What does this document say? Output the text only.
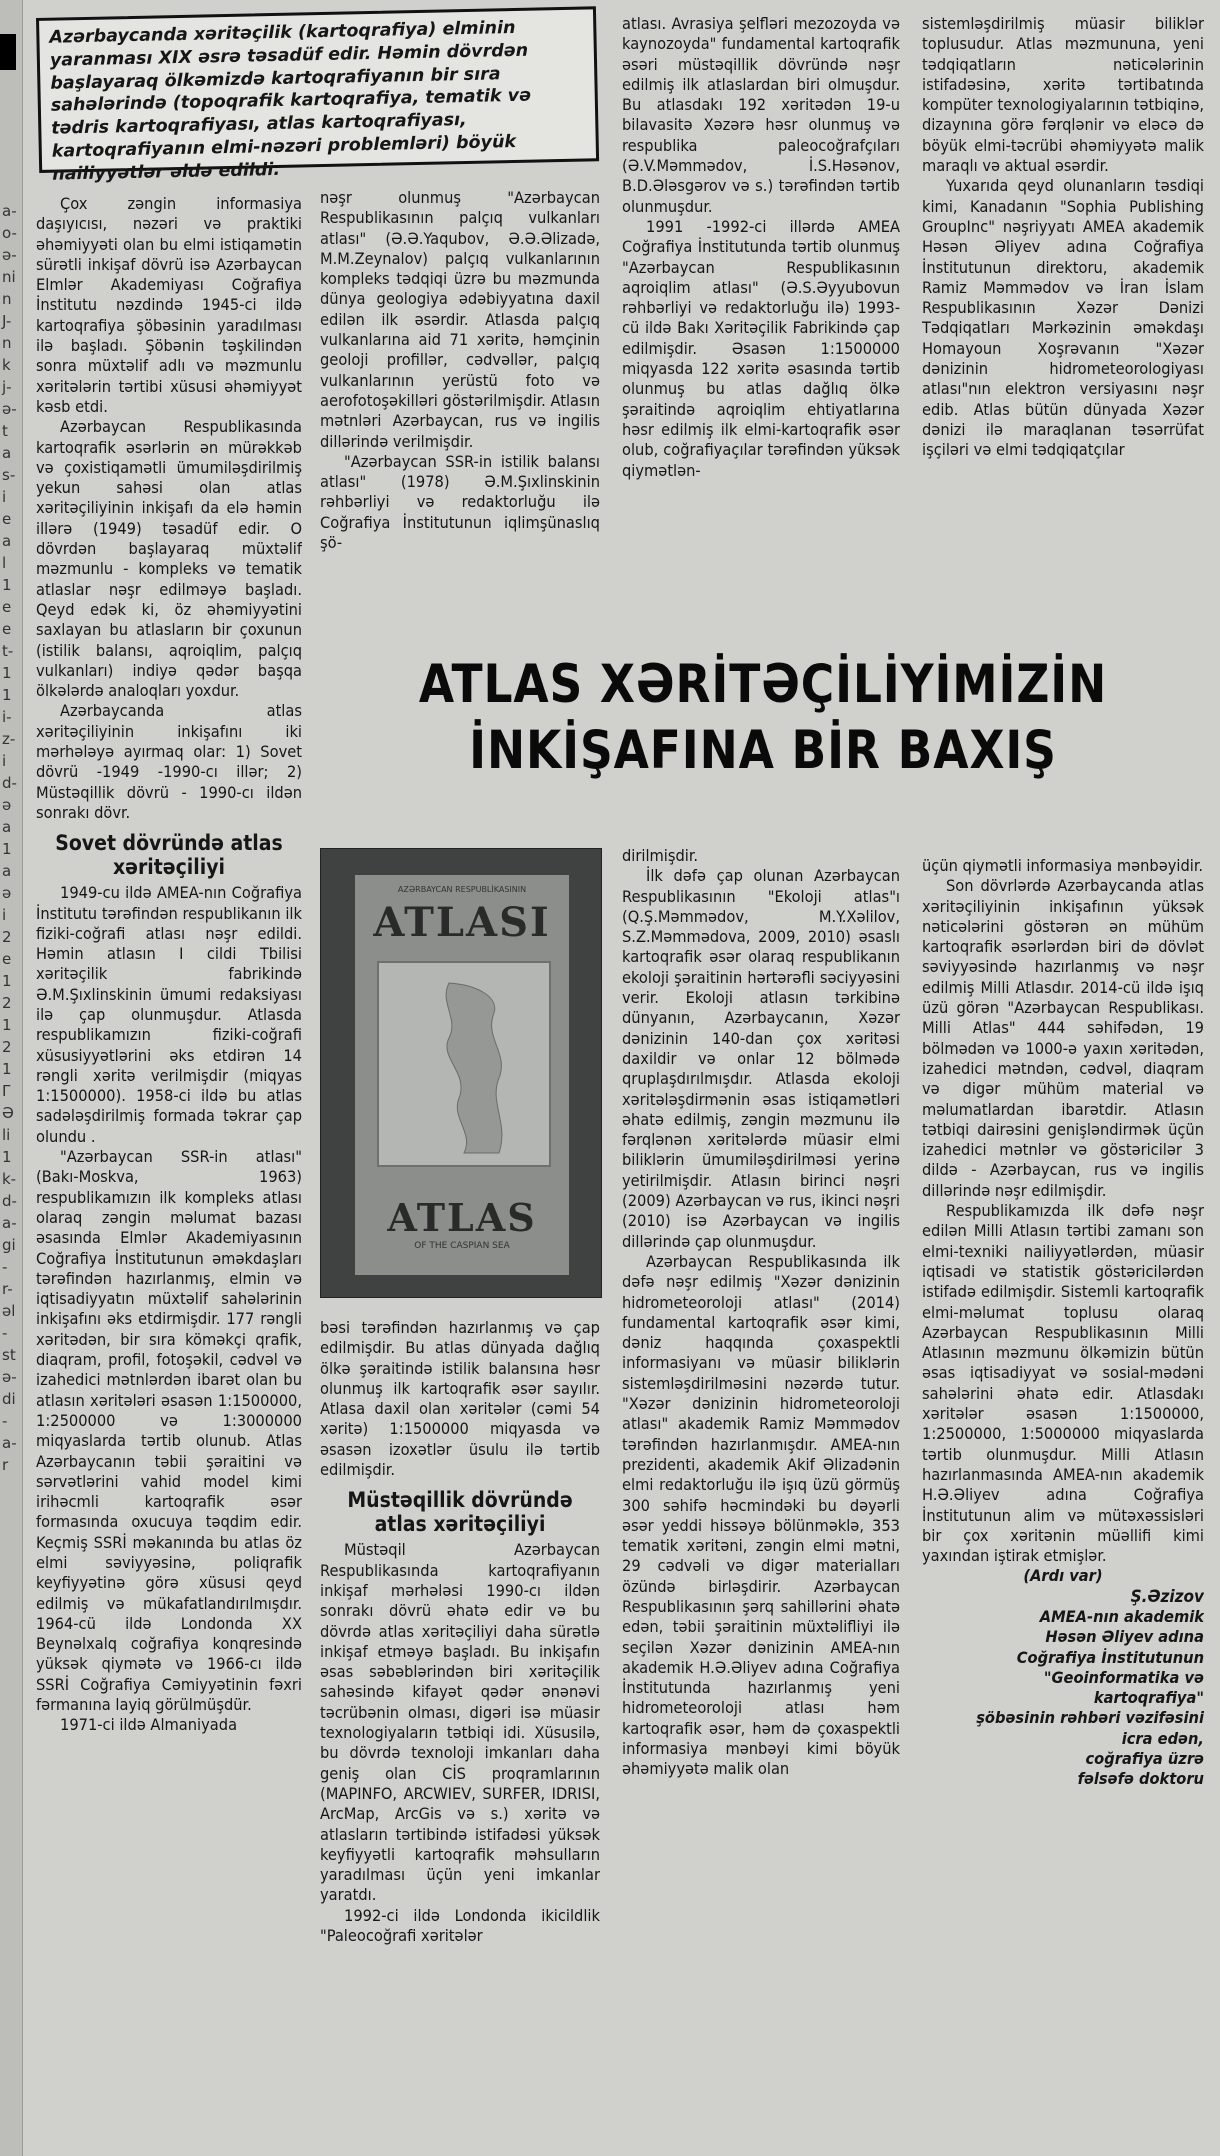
a- o- ə- ni n J- n k j- ə- t a s- i e a l 1 e e t- 1 1 i- z- i d- ə a 1 a ə i 2 e 1 2 1 2 1 Г Ə li 1 k- d- a- gi- r- əl- st ə- di- a- r
Azərbaycanda xəritəçilik (kartoqrafiya) elminin yaranması XIX əsrə təsadüf edir. Həmin dövrdən başlayaraq ölkəmizdə kartoqrafiyanın bir sıra sahələrində (topoqrafik kartoqrafiya, tematik və tədris kartoqrafiyası, atlas kartoqrafiyası, kartoqrafiyanın elmi-nəzəri problemləri) böyük nailiyyətlər əldə edildi.

Çox zəngin informasiya daşıyıcısı, nəzəri və praktiki əhəmiyyəti olan bu elmi istiqamətin sürətli inkişaf dövrü isə Azərbaycan Elmlər Akademiyası Coğrafiya İnstitutu nəzdində 1945-ci ildə kartoqrafiya şöbəsinin yaradılması ilə başladı. Şöbənin təşkilindən sonra müxtəlif adlı və məzmunlu xəritələrin tərtibi xüsusi əhəmiyyət kəsb etdi.

Azərbaycan Respublikasında kartoqrafik əsərlərin ən mürəkkəb və çoxistiqamətli ümumiləşdirilmiş yekun sahəsi olan atlas xəritəçiliyinin inkişafı da elə həmin illərə (1949) təsadüf edir. O dövrdən başlayaraq müxtəlif məzmunlu - kompleks və tematik atlaslar nəşr edilməyə başladı. Qeyd edək ki, öz əhəmiyyətini saxlayan bu atlasların bir çoxunun (istilik balansı, aqroiqlim, palçıq vulkanları) indiyə qədər başqa ölkələrdə analoqları yoxdur.

Azərbaycanda atlas xəritəçiliyinin inkişafını iki mərhələyə ayırmaq olar: 1) Sovet dövrü -1949 -1990-cı illər; 2) Müstəqillik dövrü - 1990-cı ildən sonrakı dövr.

Sovet dövründə atlas xəritəçiliyi

1949-cu ildə AMEA-nın Coğrafiya İnstitutu tərəfindən respublikanın ilk fiziki-coğrafi atlası nəşr edildi. Həmin atlasın I cildi Tbilisi xəritəçilik fabrikində Ə.M.Şıxlinskinin ümumi redaksiyası ilə çap olunmuşdur. Atlasda respublikamızın fiziki-coğrafi xüsusiyyətlərini əks etdirən 14 rəngli xəritə verilmişdir (miqyas 1:1500000). 1958-ci ildə bu atlas sadələşdirilmiş formada təkrar çap olundu .

"Azərbaycan SSR-in atlası" (Bakı-Moskva, 1963) respublikamızın ilk kompleks atlası olaraq zəngin məlumat bazası əsasında Elmlər Akademiyasının Coğrafiya İnstitutunun əməkdaşları tərəfindən hazırlanmış, elmin və iqtisadiyyatın müxtəlif sahələrinin inkişafını əks etdirmişdir. 177 rəngli xəritədən, bir sıra köməkçi qrafik, diaqram, profil, fotoşəkil, cədvəl və izahedici mətnlərdən ibarət olan bu atlasın xəritələri əsasən 1:1500000, 1:2500000 və 1:3000000 miqyaslarda tərtib olunub. Atlas Azərbaycanın təbii şəraitini və sərvətlərini vahid model kimi irihəcmli kartoqrafik əsər formasında oxucuya təqdim edir. Keçmiş SSRİ məkanında bu atlas öz elmi səviyyəsinə, poliqrafik keyfiyyətinə görə xüsusi qeyd edilmiş və mükafatlandırılmışdır. 1964-cü ildə Londonda XX Beynəlxalq coğrafiya konqresində yüksək qiymətə və 1966-cı ildə SSRİ Coğrafiya Cəmiyyətinin fəxri fərmanına layiq görülmüşdür.

1971-ci ildə Almaniyada

nəşr olunmuş "Azərbaycan Respublikasının palçıq vulkanları atlası" (Ə.Ə.Yaqubov, Ə.Ə.Əlizadə, M.M.Zeynalov) palçıq vulkanlarının kompleks tədqiqi üzrə bu məzmunda dünya geologiya ədəbiyyatına daxil edilən ilk əsərdir. Atlasda palçıq vulkanlarına aid 71 xəritə, həmçinin geoloji profillər, cədvəllər, palçıq vulkanlarının yerüstü foto və aerofotoşəkilləri göstərilmişdir. Atlasın mətnləri Azərbaycan, rus və ingilis dillərində verilmişdir.

"Azərbaycan SSR-in istilik balansı atlası" (1978) Ə.M.Şıxlinskinin rəhbərliyi və redaktorluğu ilə Coğrafiya İnstitutunun iqlimşünaslıq şö-

atlası. Avrasiya şelfləri mezozoyda və kaynozoyda" fundamental kartoqrafik əsəri müstəqillik dövründə nəşr edilmiş ilk atlaslardan biri olmuşdur. Bu atlasdakı 192 xəritədən 19-u bilavasitə Xəzərə həsr olunmuş və respublika paleocoğrafçıları (Ə.V.Məmmədov, İ.S.Həsənov, B.D.Ələsgərov və s.) tərəfindən tərtib olunmuşdur.

1991 -1992-ci illərdə AMEA Coğrafiya İnstitutunda tərtib olunmuş "Azərbaycan Respublikasının aqroiqlim atlası" (Ə.S.Əyyubovun rəhbərliyi və redaktorluğu ilə) 1993-cü ildə Bakı Xəritəçilik Fabrikində çap edilmişdir. Əsasən 1:1500000 miqyasda 122 xəritə əsasında tərtib olunmuş bu atlas dağlıq ölkə şəraitində aqroiqlim ehtiyatlarına həsr edilmiş ilk elmi-kartoqrafik əsər olub, coğrafiyaçılar tərəfindən yüksək qiymətlən-

sistemləşdirilmiş müasir biliklər toplusudur. Atlas məzmununa, yeni tədqiqatların nəticələrinin istifadəsinə, xəritə tərtibatında kompüter texnologiyalarının tətbiqinə, dizaynına görə fərqlənir və eləcə də böyük elmi-təcrübi əhəmiyyətə malik maraqlı və aktual əsərdir.

Yuxarıda qeyd olunanların təsdiqi kimi, Kanadanın "Sophia Publishing GroupInc" nəşriyyatı AMEA akademik Həsən Əliyev adına Coğrafiya İnstitutunun direktoru, akademik Ramiz Məmmədov və İran İslam Respublikasının Xəzər Dənizi Tədqiqatları Mərkəzinin əməkdaşı Homayoun Xoşrəvanın "Xəzər dənizinin hidrometeorologiyası atlası"nın elektron versiyasını nəşr edib. Atlas bütün dünyada Xəzər dənizi ilə maraqlanan təsərrüfat işçiləri və elmi tədqiqatçılar

ATLAS XƏRİTƏÇİLİYİMİZİN
İNKİŞAFINA BİR BAXIŞ
AZƏRBAYCAN RESPUBLİKASININ
ATLASI
ATLAS
OF THE CASPIAN SEA

bəsi tərəfindən hazırlanmış və çap edilmişdir. Bu atlas dünyada dağlıq ölkə şəraitində istilik balansına həsr olunmuş ilk kartoqrafik əsər sayılır. Atlasa daxil olan xəritələr (cəmi 54 xəritə) 1:1500000 miqyasda və əsasən izoxətlər üsulu ilə tərtib edilmişdir.

Müstəqillik dövründə atlas xəritəçiliyi

Müstəqil Azərbaycan Respublikasında kartoqrafiyanın inkişaf mərhələsi 1990-cı ildən sonrakı dövrü əhatə edir və bu dövrdə atlas xəritəçiliyi daha sürətlə inkişaf etməyə başladı. Bu inkişafın əsas səbəblərindən biri xəritəçilik sahəsində kifayət qədər ənənəvi təcrübənin olması, digəri isə müasir texnologiyaların tətbiqi idi. Xüsusilə, bu dövrdə texnoloji imkanları daha geniş olan CİS proqramlarının (MAPINFO, ARCWIEV, SURFER, IDRISI, ArcMap, ArcGis və s.) xəritə və atlasların tərtibində istifadəsi yüksək keyfiyyətli kartoqrafik məhsulların yaradılması üçün yeni imkanlar yaratdı.

1992-ci ildə Londonda ikicildlik "Paleocoğrafi xəritələr

dirilmişdir.

İlk dəfə çap olunan Azərbaycan Respublikasının "Ekoloji atlas"ı (Q.Ş.Məmmədov, M.Y.Xəlilov, S.Z.Məmmədova, 2009, 2010) əsaslı kartoqrafik əsər olaraq respublikanın ekoloji şəraitinin hərtərəfli səciyyəsini verir. Ekoloji atlasın tərkibinə dünyanın, Azərbaycanın, Xəzər dənizinin 140-dan çox xəritəsi daxildir və onlar 12 bölmədə qruplaşdırılmışdır. Atlasda ekoloji xəritələşdirmənin əsas istiqamətləri əhatə edilmiş, zəngin məzmunu ilə fərqlənən xəritələrdə müasir elmi biliklərin ümumiləşdirilməsi yerinə yetirilmişdir. Atlasın birinci nəşri (2009) Azərbaycan və rus, ikinci nəşri (2010) isə Azərbaycan və ingilis dillərində çap olunmuşdur.

Azərbaycan Respublikasında ilk dəfə nəşr edilmiş "Xəzər dənizinin hidrometeoroloji atlası" (2014) fundamental kartoqrafik əsər kimi, dəniz haqqında çoxaspektli informasiyanı və müasir biliklərin sistemləşdirilməsini nəzərdə tutur. "Xəzər dənizinin hidrometeoroloji atlası" akademik Ramiz Məmmədov tərəfindən hazırlanmışdır. AMEA-nın prezidenti, akademik Akif Əlizadənin elmi redaktorluğu ilə işıq üzü görmüş 300 səhifə həcmindəki bu dəyərli əsər yeddi hissəyə bölünməklə, 353 tematik xəritəni, zəngin elmi mətni, 29 cədvəli və digər materialları özündə birləşdirir. Azərbaycan Respublikasının şərq sahillərini əhatə edən, təbii şəraitinin müxtəlifliyi ilə seçilən Xəzər dənizinin AMEA-nın akademik H.Ə.Əliyev adına Coğrafiya İnstitutunda hazırlanmış yeni hidrometeoroloji atlası həm kartoqrafik əsər, həm də çoxaspektli informasiya mənbəyi kimi böyük əhəmiyyətə malik olan

üçün qiymətli informasiya mənbəyidir.

Son dövrlərdə Azərbaycanda atlas xəritəçiliyinin inkişafının yüksək nəticələrini göstərən ən mühüm kartoqrafik əsərlərdən biri də dövlət səviyyəsində hazırlanmış və nəşr edilmiş Milli Atlasdır. 2014-cü ildə işıq üzü görən "Azərbaycan Respublikası. Milli Atlas" 444 səhifədən, 19 bölmədən və 1000-ə yaxın xəritədən, izahedici mətndən, cədvəl, diaqram və digər mühüm material və məlumatlardan ibarətdir. Atlasın tətbiqi dairəsini genişləndirmək üçün izahedici mətnlər və göstəricilər 3 dildə - Azərbaycan, rus və ingilis dillərində nəşr edilmişdir.

Respublikamızda ilk dəfə nəşr edilən Milli Atlasın tərtibi zamanı son elmi-texniki nailiyyətlərdən, müasir iqtisadi və statistik göstəricilərdən istifadə edilmişdir. Sistemli kartoqrafik elmi-məlumat toplusu olaraq Azərbaycan Respublikasının Milli Atlasının məzmunu ölkəmizin bütün əsas iqtisadiyyat və sosial-mədəni sahələrini əhatə edir. Atlasdakı xəritələr əsasən 1:1500000, 1:2500000, 1:5000000 miqyaslarda tərtib olunmuşdur. Milli Atlasın hazırlanmasında AMEA-nın akademik H.Ə.Əliyev adına Coğrafiya İnstitutunun alim və mütəxəssisləri bir çox xəritənin müəllifi kimi yaxından iştirak etmişlər.

(Ardı var)
Ş.Əzizov
AMEA-nın akademik
Həsən Əliyev adına
Coğrafiya İnstitutunun
"Geoinformatika və
kartoqrafiya"
şöbəsinin rəhbəri vəzifəsini
icra edən,
coğrafiya üzrə
fəlsəfə doktoru
